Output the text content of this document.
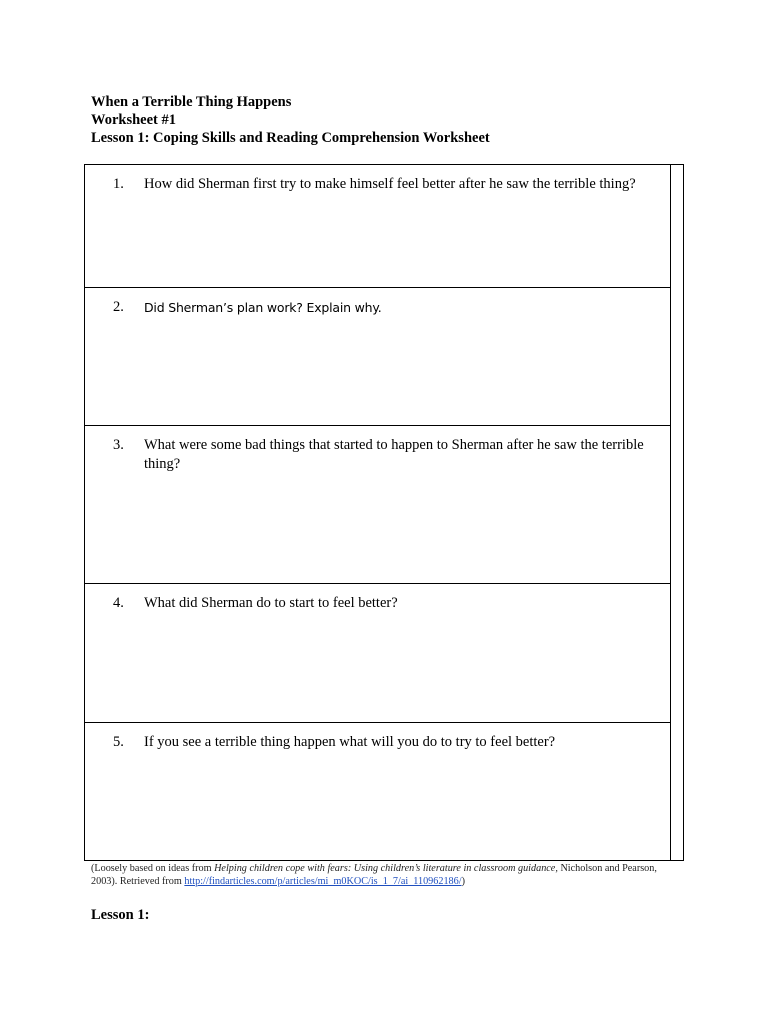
When a Terrible Thing Happens
Worksheet #1
Lesson 1: Coping Skills and Reading Comprehension Worksheet
1. How did Sherman first try to make himself feel better after he saw the terrible thing?
2. Did Sherman’s plan work? Explain why.
3. What were some bad things that started to happen to Sherman after he saw the terrible thing?
4. What did Sherman do to start to feel better?
5. If you see a terrible thing happen what will you do to try to feel better?
(Loosely based on ideas from Helping children cope with fears: Using children’s literature in classroom guidance, Nicholson and Pearson, 2003). Retrieved from http://findarticles.com/p/articles/mi_m0KOC/is_1_7/ai_110962186/)
Lesson 1:
